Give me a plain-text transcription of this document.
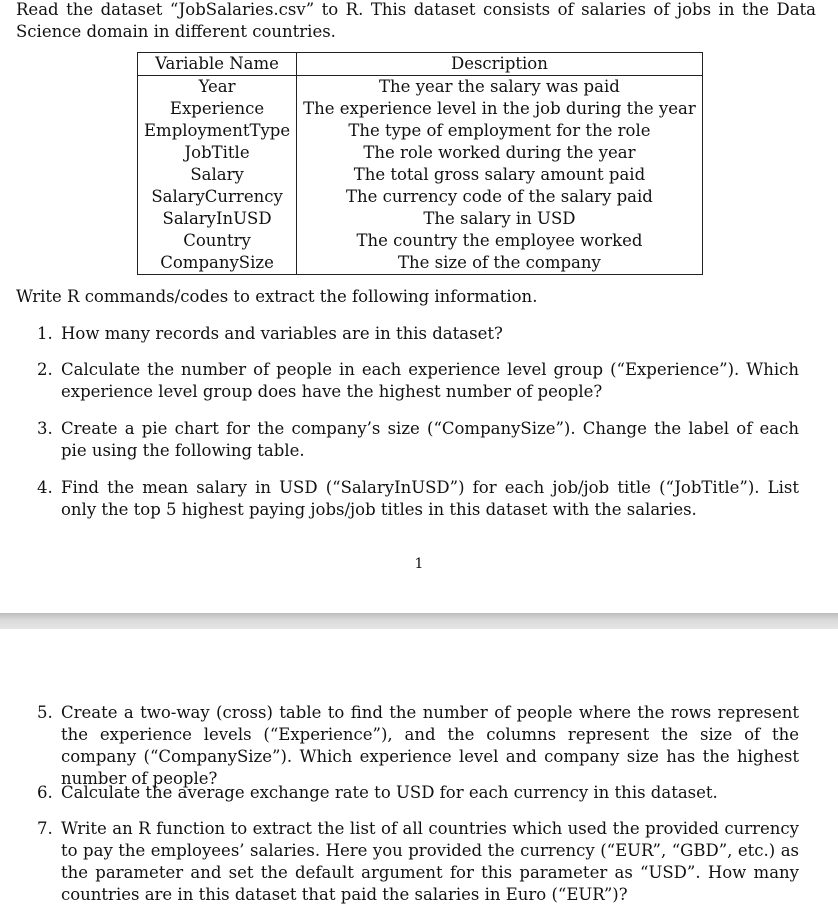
Read the dataset “JobSalaries.csv” to R. This dataset consists of salaries of jobs in the Data Science domain in different countries.
Variable Name	Description
Year	The year the salary was paid
Experience	The experience level in the job during the year
EmploymentType	The type of employment for the role
JobTitle	The role worked during the year
Salary	The total gross salary amount paid
SalaryCurrency	The currency code of the salary paid
SalaryInUSD	The salary in USD
Country	The country the employee worked
CompanySize	The size of the company
Write R commands/codes to extract the following information.
1. How many records and variables are in this dataset?
2. Calculate the number of people in each experience level group (“Experience”). Which experience level group does have the highest number of people?
3. Create a pie chart for the company’s size (“CompanySize”). Change the label of each pie using the following table.
4. Find the mean salary in USD (“SalaryInUSD”) for each job/job title (“JobTitle”). List only the top 5 highest paying jobs/job titles in this dataset with the salaries.
1
5. Create a two-way (cross) table to find the number of people where the rows represent the experience levels (“Experience”), and the columns represent the size of the company (“CompanySize”). Which experience level and company size has the highest number of people?
6. Calculate the average exchange rate to USD for each currency in this dataset.
7. Write an R function to extract the list of all countries which used the provided currency to pay the employees’ salaries. Here you provided the currency (“EUR”, “GBD”, etc.) as the parameter and set the default argument for this parameter as “USD”. How many countries are in this dataset that paid the salaries in Euro (“EUR”)?
